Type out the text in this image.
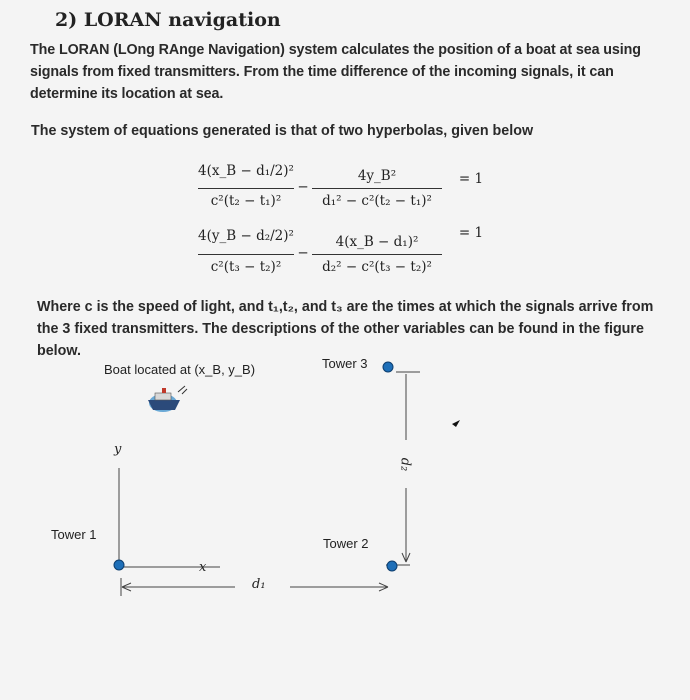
2) LORAN navigation
The LORAN (LOng RAnge Navigation) system calculates the position of a boat at sea using signals from fixed transmitters. From the time difference of the incoming signals, it can determine its location at sea.
The system of equations generated is that of two hyperbolas, given below
4(x_B − d₁/2)²
c²(t₂ − t₁)²
−
4y_B²
d₁² − c²(t₂ − t₁)²
= 1
4(y_B − d₂/2)²
c²(t₃ − t₂)²
−
4(x_B − d₁)²
d₂² − c²(t₃ − t₂)²
= 1
Where c is the speed of light, and t₁,t₂, and t₃ are the times at which the signals arrive from the 3 fixed transmitters. The descriptions of the other variables can be found in the figure below.
Boat located at (x_B, y_B)
Tower 1
Tower 2
Tower 3
y
x
d₁
d₂
